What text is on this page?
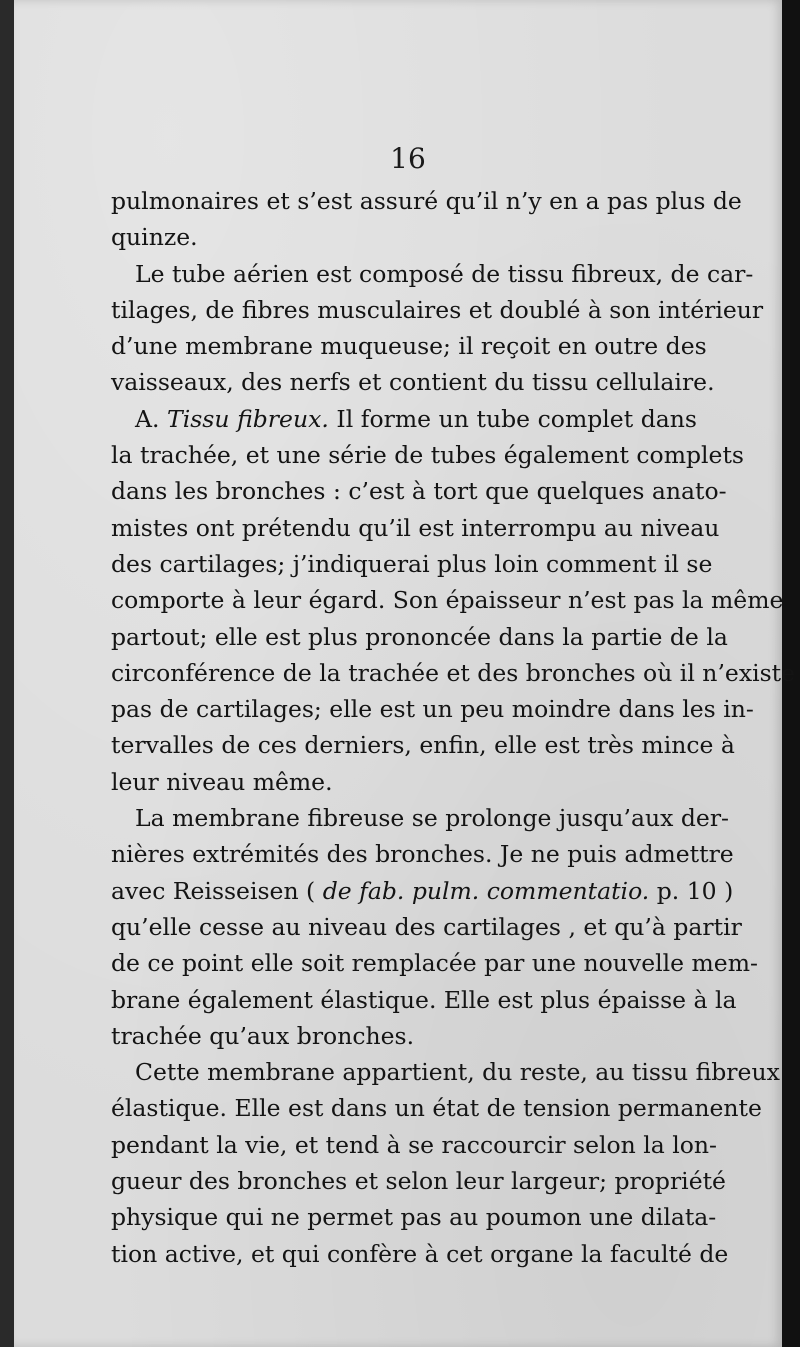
16

pulmonaires et s’est assuré qu’il n’y en a pas plus de
quinze.
Le tube aérien est composé de tissu fibreux, de car-
tilages, de fibres musculaires et doublé à son intérieur
d’une membrane muqueuse; il reçoit en outre des
vaisseaux, des nerfs et contient du tissu cellulaire.
A. Tissu fibreux. Il forme un tube complet dans
la trachée, et une série de tubes également complets
dans les bronches : c’est à tort que quelques anato-
mistes ont prétendu qu’il est interrompu au niveau
des cartilages; j’indiquerai plus loin comment il se
comporte à leur égard. Son épaisseur n’est pas la même
partout; elle est plus prononcée dans la partie de la
circonférence de la trachée et des bronches où il n’existe
pas de cartilages; elle est un peu moindre dans les in-
tervalles de ces derniers, enfin, elle est très mince à
leur niveau même.
La membrane fibreuse se prolonge jusqu’aux der-
nières extrémités des bronches. Je ne puis admettre
avec Reisseisen ( de fab. pulm. commentatio. p. 10 )
qu’elle cesse au niveau des cartilages , et qu’à partir
de ce point elle soit remplacée par une nouvelle mem-
brane également élastique. Elle est plus épaisse à la
trachée qu’aux bronches.
Cette membrane appartient, du reste, au tissu fibreux
élastique. Elle est dans un état de tension permanente
pendant la vie, et tend à se raccourcir selon la lon-
gueur des bronches et selon leur largeur; propriété
physique qui ne permet pas au poumon une dilata-
tion active, et qui confère à cet organe la faculté de
